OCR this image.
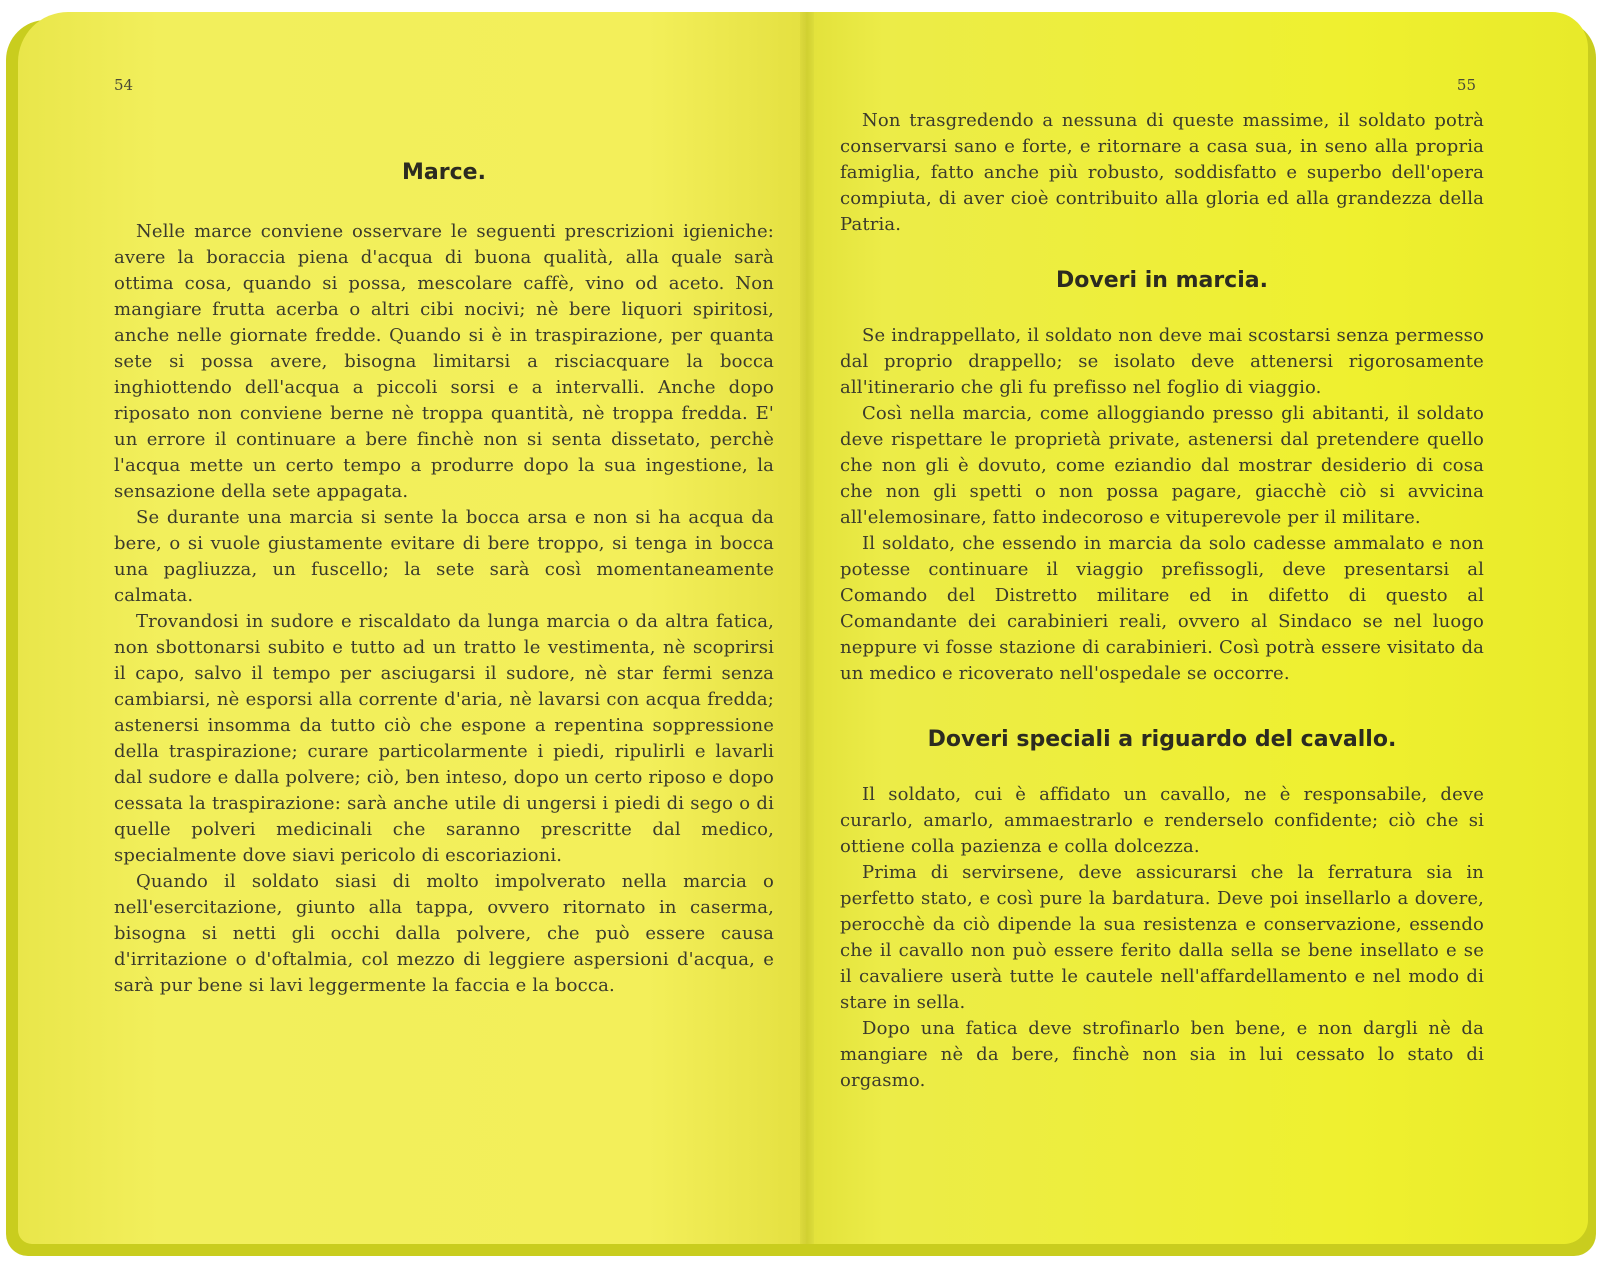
54
Marce.

Nelle marce conviene osservare le seguenti prescrizioni igieniche: avere la boraccia piena d'acqua di buona qualità, alla quale sarà ottima cosa, quando si possa, mescolare caffè, vino od aceto. Non mangiare frutta acerba o altri cibi nocivi; nè bere liquori spiritosi, anche nelle giornate fredde. Quando si è in traspirazione, per quanta sete si possa avere, bisogna limitarsi a risciacquare la bocca inghiottendo dell'acqua a piccoli sorsi e a intervalli. Anche dopo riposato non conviene berne nè troppa quantità, nè troppa fredda. E' un errore il continuare a bere finchè non si senta dissetato, perchè l'acqua mette un certo tempo a produrre dopo la sua ingestione, la sensazione della sete appagata.

Se durante una marcia si sente la bocca arsa e non si ha acqua da bere, o si vuole giustamente evitare di bere troppo, si tenga in bocca una pagliuzza, un fuscello; la sete sarà così momentaneamente calmata.

Trovandosi in sudore e riscaldato da lunga marcia o da altra fatica, non sbottonarsi subito e tutto ad un tratto le vestimenta, nè scoprirsi il capo, salvo il tempo per asciugarsi il sudore, nè star fermi senza cambiarsi, nè esporsi alla corrente d'aria, nè lavarsi con acqua fredda; astenersi insomma da tutto ciò che espone a repentina soppressione della traspirazione; curare particolarmente i piedi, ripulirli e lavarli dal sudore e dalla polvere; ciò, ben inteso, dopo un certo riposo e dopo cessata la traspirazione: sarà anche utile di ungersi i piedi di sego o di quelle polveri medicinali che saranno prescritte dal medico, specialmente dove siavi pericolo di escoriazioni.

Quando il soldato siasi di molto impolverato nella marcia o nell'esercitazione, giunto alla tappa, ovvero ritornato in caserma, bisogna si netti gli occhi dalla polvere, che può essere causa d'irritazione o d'oftalmia, col mezzo di leggiere aspersioni d'acqua, e sarà pur bene si lavi leggermente la faccia e la bocca.

55

Non trasgredendo a nessuna di queste massime, il soldato potrà conservarsi sano e forte, e ritornare a casa sua, in seno alla propria famiglia, fatto anche più robusto, soddisfatto e superbo dell'opera compiuta, di aver cioè contribuito alla gloria ed alla grandezza della Patria.

Doveri in marcia.

Se indrappellato, il soldato non deve mai scostarsi senza permesso dal proprio drappello; se isolato deve attenersi rigorosamente all'itinerario che gli fu prefisso nel foglio di viaggio.

Così nella marcia, come alloggiando presso gli abitanti, il soldato deve rispettare le proprietà private, astenersi dal pretendere quello che non gli è dovuto, come eziandio dal mostrar desiderio di cosa che non gli spetti o non possa pagare, giacchè ciò si avvicina all'elemosinare, fatto indecoroso e vituperevole per il militare.

Il soldato, che essendo in marcia da solo cadesse ammalato e non potesse continuare il viaggio prefissogli, deve presentarsi al Comando del Distretto militare ed in difetto di questo al Comandante dei carabinieri reali, ovvero al Sindaco se nel luogo neppure vi fosse stazione di carabinieri. Così potrà essere visitato da un medico e ricoverato nell'ospedale se occorre.

Doveri speciali a riguardo del cavallo.

Il soldato, cui è affidato un cavallo, ne è responsabile, deve curarlo, amarlo, ammaestrarlo e renderselo confidente; ciò che si ottiene colla pazienza e colla dolcezza.

Prima di servirsene, deve assicurarsi che la ferratura sia in perfetto stato, e così pure la bardatura. Deve poi insellarlo a dovere, perocchè da ciò dipende la sua resistenza e conservazione, essendo che il cavallo non può essere ferito dalla sella se bene insellato e se il cavaliere userà tutte le cautele nell'affardellamento e nel modo di stare in sella.

Dopo una fatica deve strofinarlo ben bene, e non dargli nè da mangiare nè da bere, finchè non sia in lui cessato lo stato di orgasmo.
